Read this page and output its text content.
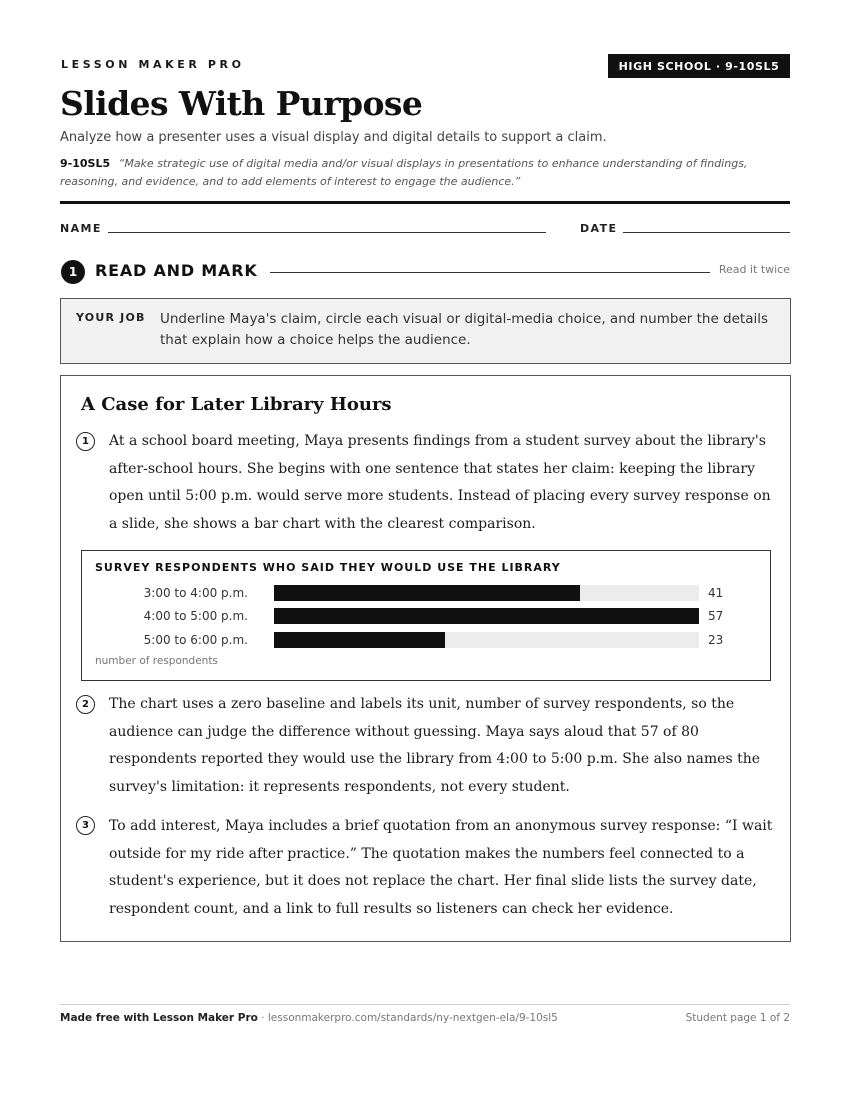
LESSON MAKER PRO	HIGH SCHOOL · 9-10SL5
Slides With Purpose
Analyze how a presenter uses a visual display and digital details to support a claim.
9-10SL5 “Make strategic use of digital media and/or visual displays in presentations to enhance understanding of findings, reasoning, and evidence, and to add elements of interest to engage the audience.”
NAME	DATE
1	READ AND MARK	Read it twice
YOUR JOB Underline Maya's claim, circle each visual or digital-media choice, and number the details that explain how a choice helps the audience.
A Case for Later Library Hours
1	At a school board meeting, Maya presents findings from a student survey about the library's after-school hours. She begins with one sentence that states her claim: keeping the library open until 5:00 p.m. would serve more students. Instead of placing every survey response on a slide, she shows a bar chart with the clearest comparison.

SURVEY RESPONDENTS WHO SAID THEY WOULD USE THE LIBRARY
3:00 to 4:00 p.m.	41
4:00 to 5:00 p.m.	57
5:00 to 6:00 p.m.	23
number of respondents
2	The chart uses a zero baseline and labels its unit, number of survey respondents, so the audience can judge the difference without guessing. Maya says aloud that 57 of 80 respondents reported they would use the library from 4:00 to 5:00 p.m. She also names the survey's limitation: it represents respondents, not every student.

3	To add interest, Maya includes a brief quotation from an anonymous survey response: “I wait outside for my ride after practice.” The quotation makes the numbers feel connected to a student's experience, but it does not replace the chart. Her final slide lists the survey date, respondent count, and a link to full results so listeners can check her evidence.

Made free with Lesson Maker Pro · lessonmakerpro.com/standards/ny-nextgen-ela/9-10sl5	Student page 1 of 2
